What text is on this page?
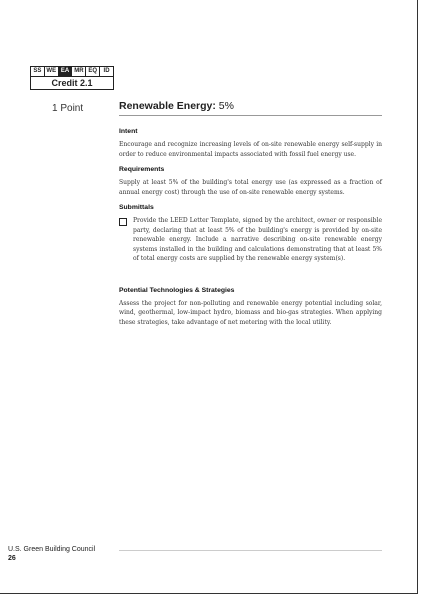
SS WE EA MR EQ	ID
Credit 2.1
1 Point	Renewable Energy: 5%
Intent

Encourage and recognize increasing levels of on-site renewable energy self-supply in order to reduce environmental impacts associated with fossil fuel energy use.

Requirements

Supply at least 5% of the building's total energy use (as expressed as a fraction of annual energy cost) through the use of on-site renewable energy systems.

Submittals

Provide the LEED Letter Template, signed by the architect, owner or responsible party, declaring that at least 5% of the building's energy is provided by on-site renewable energy. Include a narrative describing on-site renewable energy systems installed in the building and calculations demonstrating that at least 5% of total energy costs are supplied by the renewable energy system(s).

Potential Technologies & Strategies

Assess the project for non-polluting and renewable energy potential including solar, wind, geothermal, low-impact hydro, biomass and bio-gas strategies. When applying these strategies, take advantage of net metering with the local utility.

U.S. Green Building Council
26
